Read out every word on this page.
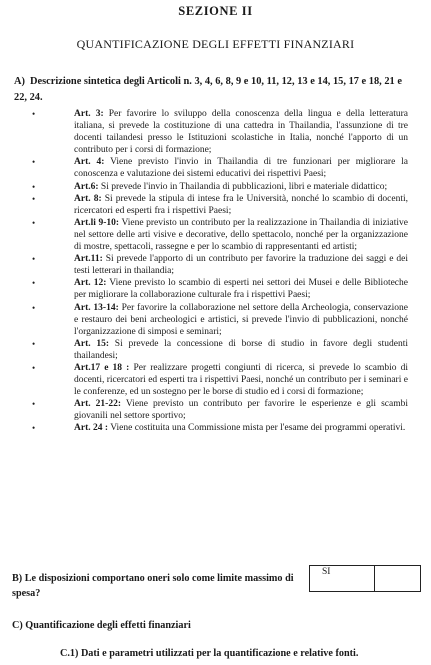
SEZIONE II
QUANTIFICAZIONE DEGLI EFFETTI FINANZIARI
A) Descrizione sintetica degli Articoli n. 3, 4, 6, 8, 9 e 10, 11, 12, 13 e 14, 15, 17 e 18, 21 e 22, 24.
•	Art. 3: Per favorire lo sviluppo della conoscenza della lingua e della letteratura italiana, si prevede la costituzione di una cattedra in Thailandia, l'assunzione di tre docenti tailandesi presso le Istituzioni scolastiche in Italia, nonché l'apporto di un contributo per i corsi di formazione;
•	Art. 4: Viene previsto l'invio in Thailandia di tre funzionari per migliorare la conoscenza e valutazione dei sistemi educativi dei rispettivi Paesi;
•	Art.6: Si prevede l'invio in Thailandia di pubblicazioni, libri e materiale didattico;
•	Art. 8: Si prevede la stipula di intese fra le Università, nonché lo scambio di docenti, ricercatori ed esperti fra i rispettivi Paesi;
•	Art.li 9-10: Viene previsto un contributo per la realizzazione in Thailandia di iniziative nel settore delle arti visive e decorative, dello spettacolo, nonché per la organizzazione di mostre, spettacoli, rassegne e per lo scambio di rappresentanti ed artisti;
•	Art.11: Si prevede l'apporto di un contributo per favorire la traduzione dei saggi e dei testi letterari in thailandia;
•	Art. 12: Viene previsto lo scambio di esperti nei settori dei Musei e delle Biblioteche per migliorare la collaborazione culturale fra i rispettivi Paesi;
•	Art. 13-14: Per favorire la collaborazione nel settore della Archeologia, conservazione e restauro dei beni archeologici e artistici, si prevede l'invio di pubblicazioni, nonché l'organizzazione di simposi e seminari;
•	Art. 15: Si prevede la concessione di borse di studio in favore degli studenti thailandesi;
•	Art.17 e 18 : Per realizzare progetti congiunti di ricerca, si prevede lo scambio di docenti, ricercatori ed esperti tra i rispettivi Paesi, nonché un contributo per i seminari e le conferenze, ed un sostegno per le borse di studio ed i corsi di formazione;
•	Art. 21-22: Viene previsto un contributo per favorire le esperienze e gli scambi giovanili nel settore sportivo;
•	Art. 24 : Viene costituita una Commissione mista per l'esame dei programmi operativi.
B) Le disposizioni comportano oneri solo come limite massimo di spesa?
SI
C) Quantificazione degli effetti finanziari
C.1) Dati e parametri utilizzati per la quantificazione e relative fonti.
